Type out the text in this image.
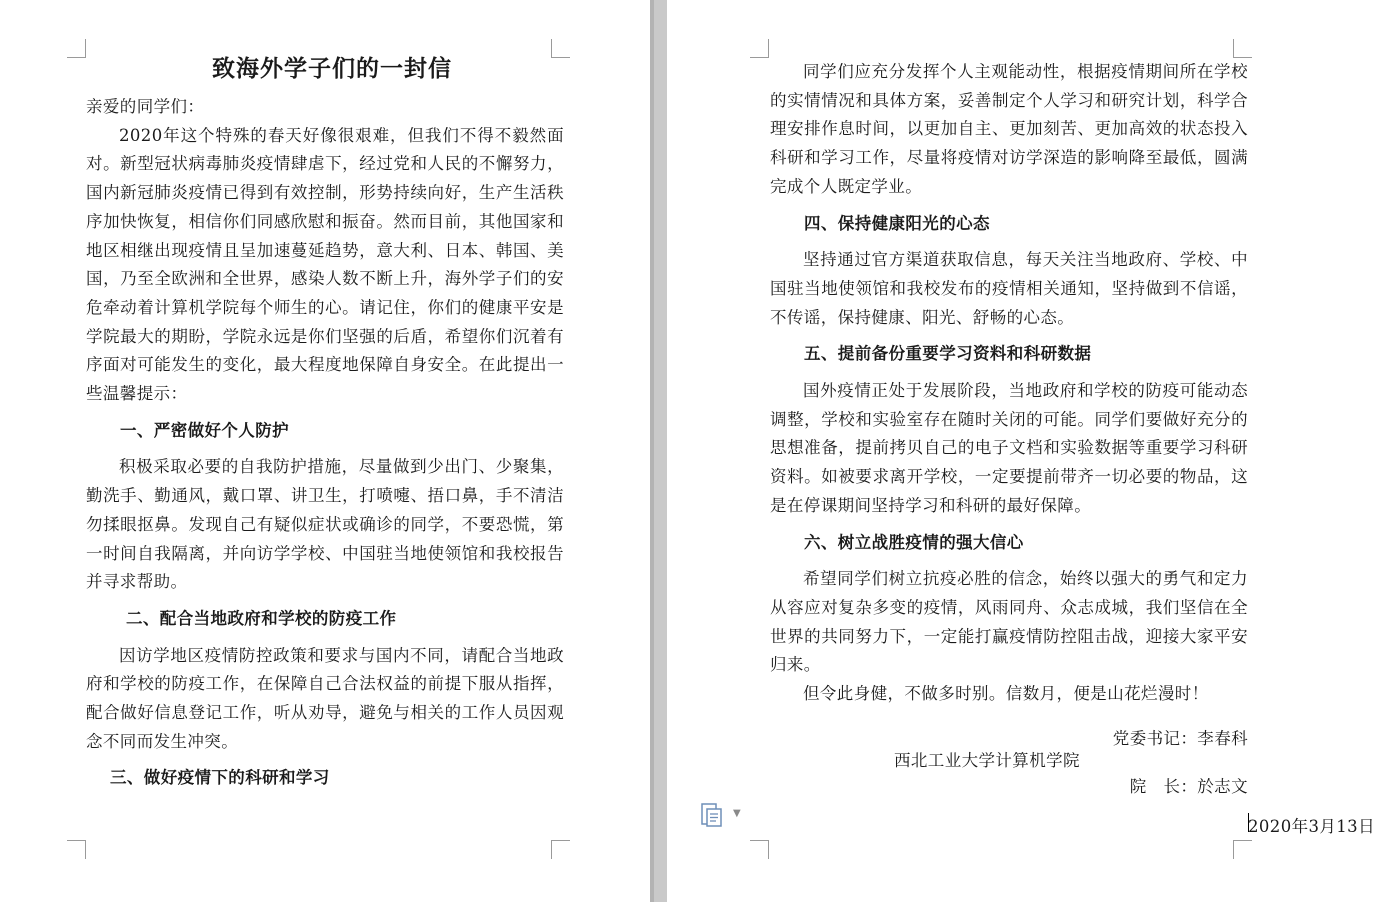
致海外学子们的一封信

亲爱的同学们：

2020年这个特殊的春天好像很艰难，但我们不得不毅然面对。新型冠状病毒肺炎疫情肆虐下，经过党和人民的不懈努力，国内新冠肺炎疫情已得到有效控制，形势持续向好，生产生活秩序加快恢复，相信你们同感欣慰和振奋。然而目前，其他国家和地区相继出现疫情且呈加速蔓延趋势，意大利、日本、韩国、美国，乃至全欧洲和全世界，感染人数不断上升，海外学子们的安危牵动着计算机学院每个师生的心。请记住，你们的健康平安是学院最大的期盼，学院永远是你们坚强的后盾，希望你们沉着有序面对可能发生的变化，最大程度地保障自身安全。在此提出一些温馨提示：

一、严密做好个人防护

积极采取必要的自我防护措施，尽量做到少出门、少聚集，勤洗手、勤通风，戴口罩、讲卫生，打喷嚏、捂口鼻，手不清洁勿揉眼抠鼻。发现自己有疑似症状或确诊的同学，不要恐慌，第一时间自我隔离，并向访学学校、中国驻当地使领馆和我校报告并寻求帮助。

二、配合当地政府和学校的防疫工作

因访学地区疫情防控政策和要求与国内不同，请配合当地政府和学校的防疫工作，在保障自己合法权益的前提下服从指挥，配合做好信息登记工作，听从劝导，避免与相关的工作人员因观念不同而发生冲突。

三、做好疫情下的科研和学习

同学们应充分发挥个人主观能动性，根据疫情期间所在学校的实情情况和具体方案，妥善制定个人学习和研究计划，科学合理安排作息时间，以更加自主、更加刻苦、更加高效的状态投入科研和学习工作，尽量将疫情对访学深造的影响降至最低，圆满完成个人既定学业。

四、保持健康阳光的心态

坚持通过官方渠道获取信息，每天关注当地政府、学校、中国驻当地使领馆和我校发布的疫情相关通知，坚持做到不信谣，不传谣，保持健康、阳光、舒畅的心态。

五、提前备份重要学习资料和科研数据

国外疫情正处于发展阶段，当地政府和学校的防疫可能动态调整，学校和实验室存在随时关闭的可能。同学们要做好充分的思想准备，提前拷贝自己的电子文档和实验数据等重要学习科研资料。如被要求离开学校，一定要提前带齐一切必要的物品，这是在停课期间坚持学习和科研的最好保障。

六、树立战胜疫情的强大信心

希望同学们树立抗疫必胜的信念，始终以强大的勇气和定力从容应对复杂多变的疫情，风雨同舟、众志成城，我们坚信在全世界的共同努力下，一定能打赢疫情防控阻击战，迎接大家平安归来。

但令此身健，不做多时别。信数月，便是山花烂漫时！

党委书记：李春科
西北工业大学计算机学院
院　长：於志文
2020年3月13日
▼
